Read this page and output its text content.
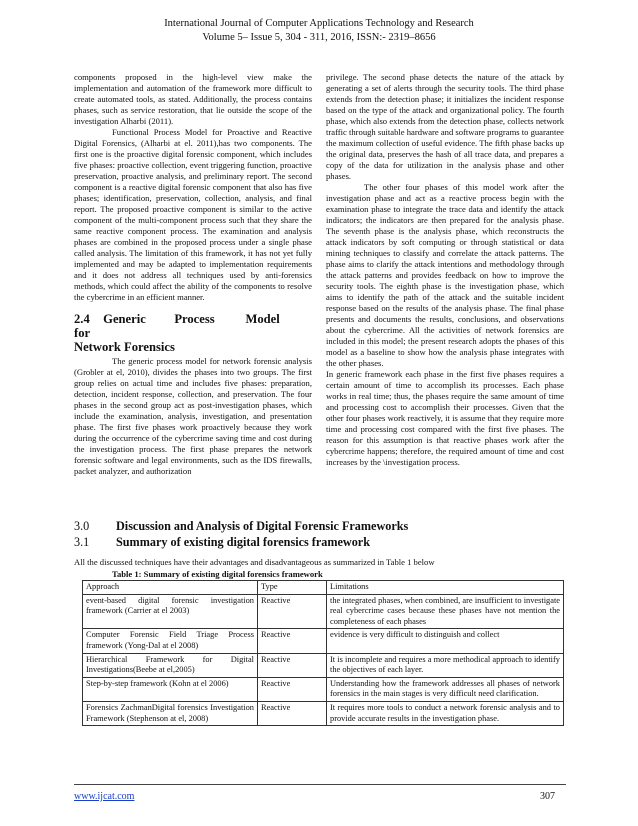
International Journal of Computer Applications Technology and Research
Volume 5– Issue 5, 304 - 311, 2016, ISSN:- 2319–8656

components proposed in the high-level view make the implementation and automation of the framework more difficult to create automated tools, as stated. Additionally, the process contains phases, such as service restoration, that lie outside the scope of the investigation Alharbi (2011).

Functional Process Model for Proactive and Reactive Digital Forensics, (Alharbi at el. 2011),has two components. The first one is the proactive digital forensic component, which includes five phases: proactive collection, event triggering function, proactive preservation, proactive analysis, and preliminary report. The second component is a reactive digital forensic component that also has five phases; identification, preservation, collection, analysis, and final report. The proposed proactive component is similar to the active component of the multi-component process such that they share the same reactive component process. The examination and analysis phases are combined in the proposed process under a single phase called analysis. The limitation of this framework, it has not yet fully implemented and may be adapted to implementation requirements and it does not address all techniques used by anti-forensics methods, which could affect the ability of the components to resolve the cybercrime in an efficient manner.

2.4 Generic Process Model for
Network Forensics

The generic process model for network forensic analysis (Grobler at el, 2010), divides the phases into two groups. The first group relies on actual time and includes five phases: preparation, detection, incident response, collection, and preservation. The four phases in the second group act as post-investigation phases, which include the examination, analysis, investigation, and presentation phase. The first five phases work proactively because they work during the occurrence of the cybercrime saving time and cost during the investigation process. The first phase prepares the network forensic software and legal environments, such as the IDS firewalls, packet analyzer, and authorization

privilege. The second phase detects the nature of the attack by generating a set of alerts through the security tools. The third phase extends from the detection phase; it initializes the incident response based on the type of the attack and organizational policy. The fourth phase, which also extends from the detection phase, collects network traffic through suitable hardware and software programs to guarantee the maximum collection of useful evidence. The fifth phase backs up the original data, preserves the hash of all trace data, and prepares a copy of the data for utilization in the analysis phase and other phases.

The other four phases of this model work after the investigation phase and act as a reactive process begin with the examination phase to integrate the trace data and identify the attack indicators; the indicators are then prepared for the analysis phase. The seventh phase is the analysis phase, which reconstructs the attack indicators by soft computing or through statistical or data mining techniques to classify and correlate the attack patterns. The phase aims to clarify the attack intentions and methodology through the attack patterns and provides feedback on how to improve the security tools. The eighth phase is the investigation phase, which aims to identify the path of the attack and the suitable incident response based on the results of the analysis phase. The final phase presents and documents the results, conclusions, and observations about the cybercrime. All the activities of network forensics are included in this model; the present research adopts the phases of this model as a baseline to show how the analysis phase integrates with the other phases.

In generic framework each phase in the first five phases requires a certain amount of time to accomplish its processes. Each phase works in real time; thus, the phases require the same amount of time and processing cost to accomplish their processes. Given that the other four phases work reactively, it is assume that they require more time and processing cost compared with the first five phases. The reason for this assumption is that reactive phases work after the cybercrime happens; therefore, the required amount of time and cost increases by the \investigation process.

3.0 Discussion and Analysis of Digital Forensic Frameworks
3.1 Summary of existing digital forensics framework
All the discussed techniques have their advantages and disadvantageous as summarized in Table 1 below
Table 1: Summary of existing digital forensics framework
Approach	Type	Limitations
event-based digital forensic investigation framework (Carrier at el 2003)	Reactive	the integrated phases, when combined, are insufficient to investigate real cybercrime cases because these phases have not mention the completeness of each phases
Computer Forensic Field Triage Process framework (Yong-Dal at el 2008)	Reactive	evidence is very difficult to distinguish and collect
Hierarchical Framework for Digital Investigations(Beebe at el,2005)	Reactive	It is incomplete and requires a more methodical approach to identify the objectives of each layer.
Step-by-step framework (Kohn at el 2006)	Reactive	Understanding how the framework addresses all phases of network forensics in the main stages is very difficult need clarification.
Forensics ZachmanDigital forensics Investigation Framework (Stephenson at el, 2008)	Reactive	It requires more tools to conduct a network forensic analysis and to provide accurate results in the investigation phase.
www.ijcat.com	307
